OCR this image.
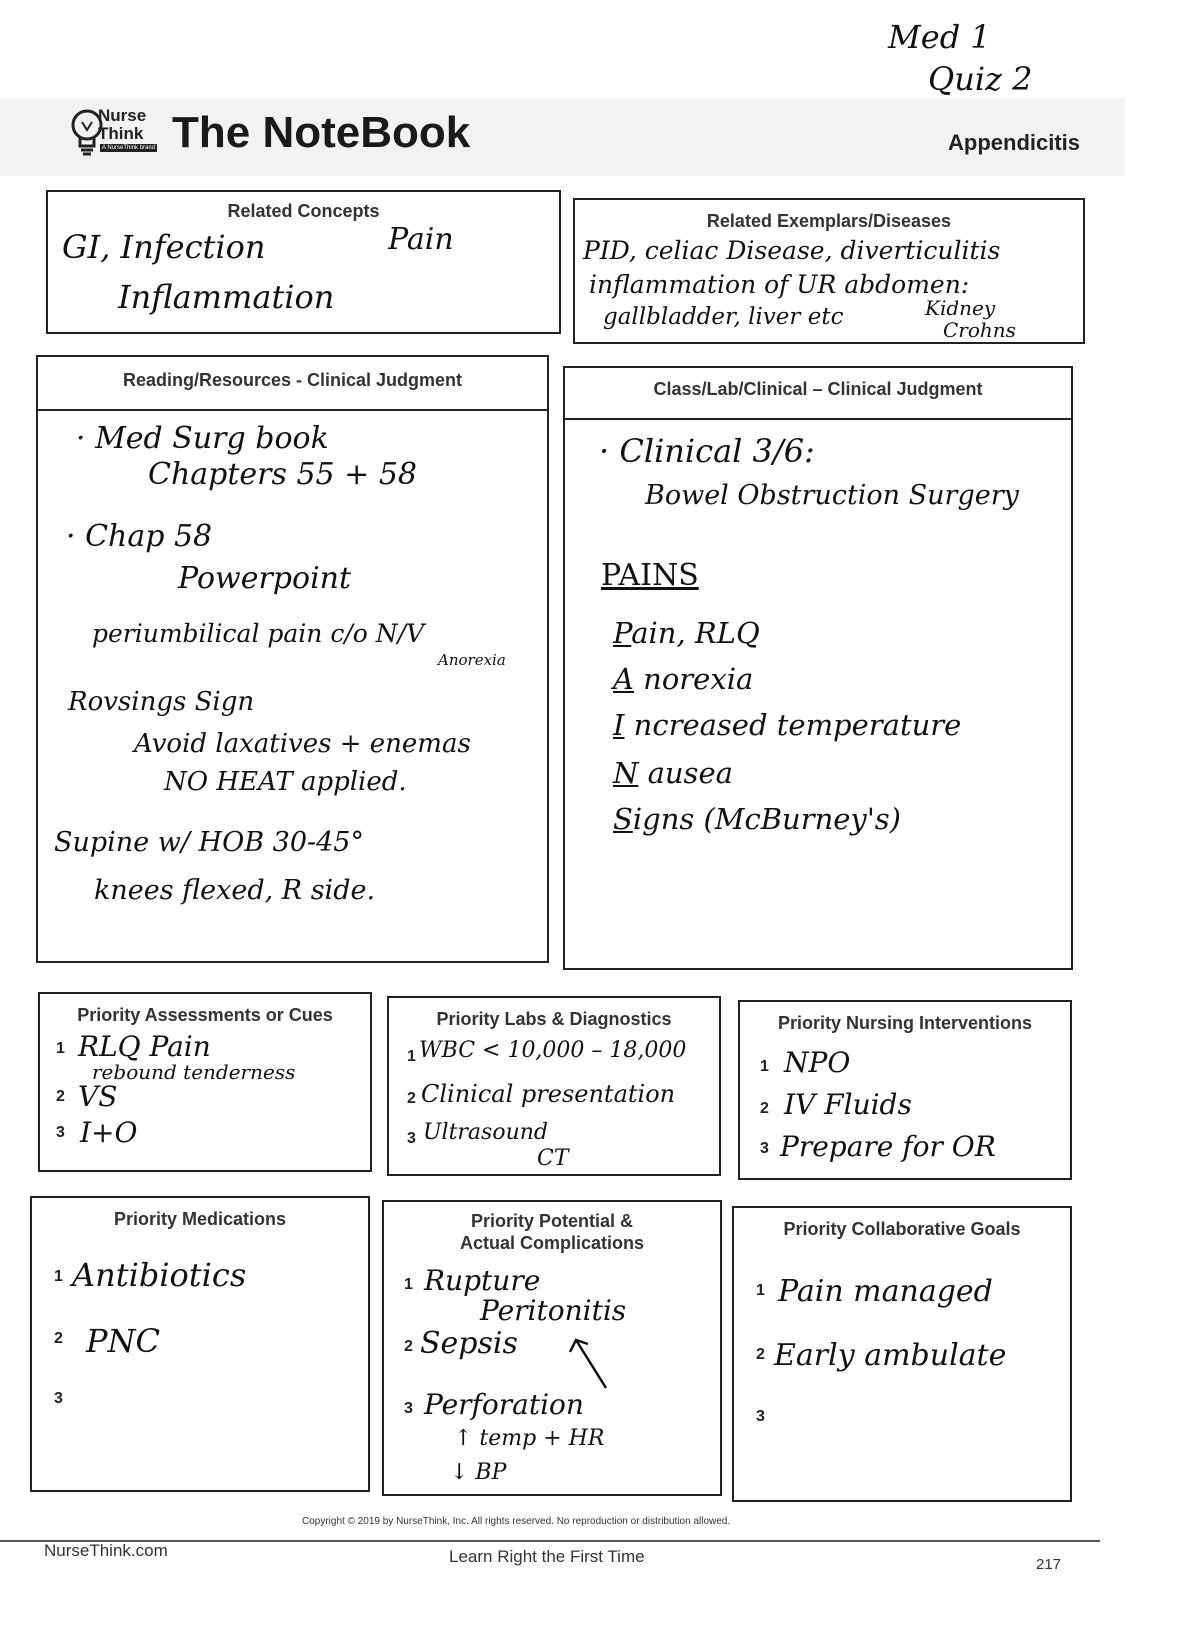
Med 1
Quiz 2
Nurse
Think
A NurseThink brand The NoteBook	Appendicitis
Related Concepts
GI, Infection	Pain
Inflammation
Related Exemplars/Diseases
PID, celiac Disease, diverticulitis
inflammation of UR abdomen:
gallbladder, liver etc	Kidney
Crohns
Reading/Resources - Clinical Judgment
· Med Surg book
Chapters 55 + 58
· Chap 58
Powerpoint
periumbilical pain c/o N/V
Anorexia
Rovsings Sign
Avoid laxatives + enemas
NO HEAT applied.
Supine w/ HOB 30-45°
knees flexed, R side.
Class/Lab/Clinical – Clinical Judgment
· Clinical 3/6:
Bowel Obstruction Surgery
PAINS
Pain, RLQ
A norexia
I ncreased temperature
N ausea
Signs (McBurney's)
Priority Assessments or Cues
1 RLQ Pain
rebound tenderness
2 VS
3 I+O
Priority Labs & Diagnostics
1 WBC < 10,000 – 18,000
2 Clinical presentation
3 Ultrasound
CT
Priority Nursing Interventions
1 NPO
2 IV Fluids
3 Prepare for OR
Priority Medications
1 Antibiotics
2 PNC
3
Priority Potential &
Actual Complications
1 Rupture
Peritonitis
2 Sepsis
3 Perforation
↑ temp + HR
↓ BP
Priority Collaborative Goals
1 Pain managed
2 Early ambulate
3
Copyright © 2019 by NurseThink, Inc. All rights reserved. No reproduction or distribution allowed.
NurseThink.com	Learn Right the First Time	217
